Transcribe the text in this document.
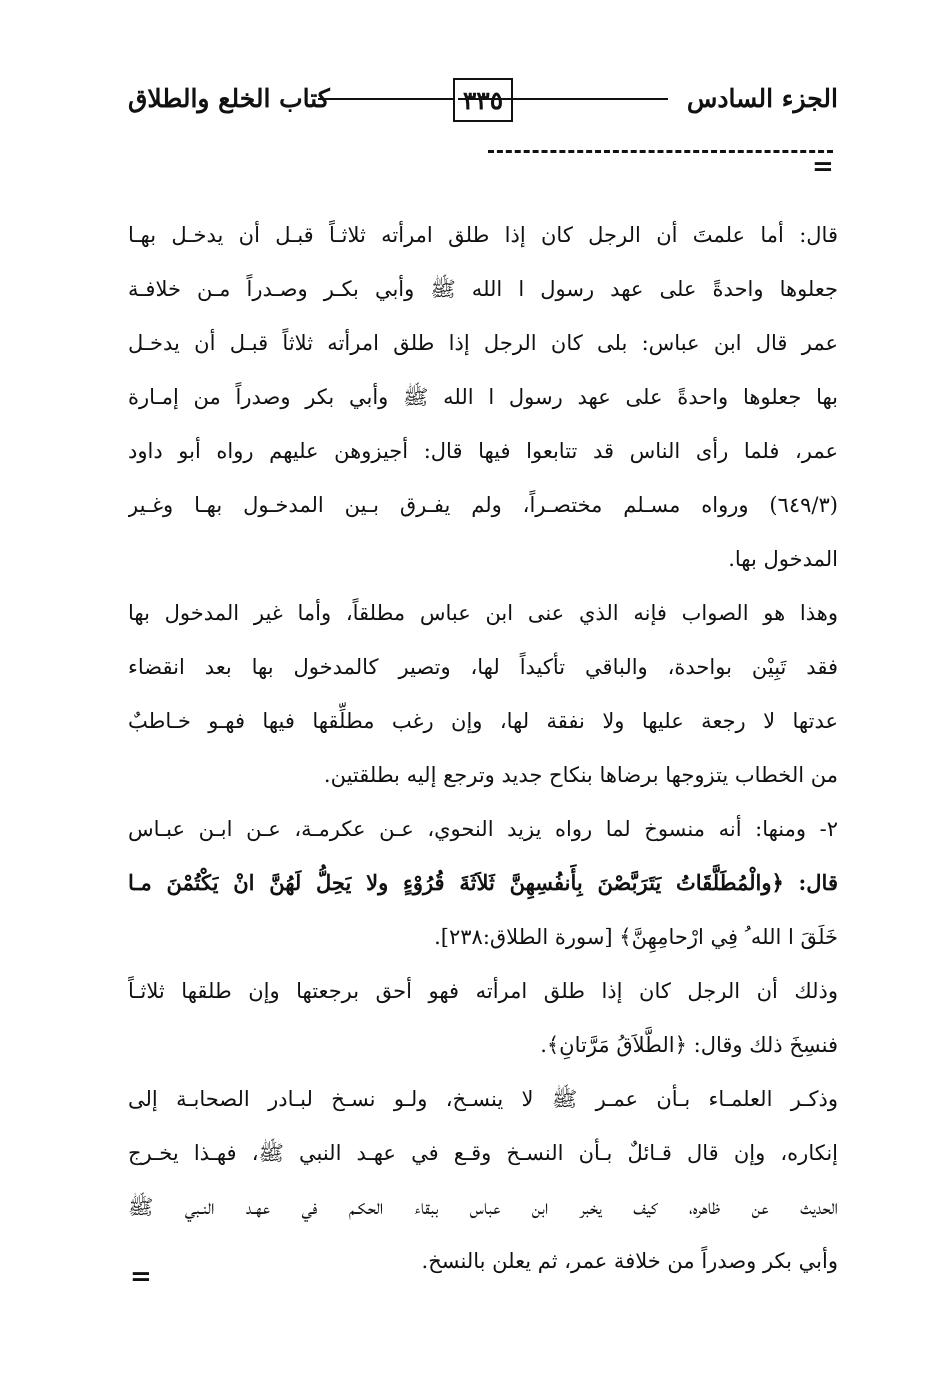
الجزء السادس
٣٣٥
كتاب الخلع والطلاق
=
قال: أما علمتَ أن الرجل كان إذا طلق امرأته ثلاثـاً قبـل أن يدخـل بهـا
جعلوها واحدةً على عهد رسول ا الله ﷺ وأبي بكـر وصـدراً مـن خلافـة
عمر قال ابن عباس: بلى كان الرجل إذا طلق امرأته ثلاثاً قبـل أن يدخـل
بها جعلوها واحدةً على عهد رسول ا الله ﷺ وأبي بكر وصدراً من إمـارة
عمر، فلما رأى الناس قد تتابعوا فيها قال: أجيزوهن عليهم رواه أبو داود
(٦٤٩/٣) ورواه مسـلم مختصـراً، ولم يفـرق بـين المدخـول بهـا وغـير
المدخول بها.
وهذا هو الصواب فإنه الذي عنى ابن عباس مطلقاً، وأما غير المدخول بها
فقد تَبِيْن بواحدة، والباقي تأكيداً لها، وتصير كالمدخول بها بعد انقضاء
عدتها لا رجعة عليها ولا نفقة لها، وإن رغب مطلِّقها فيها فهـو خـاطبٌ
من الخطاب يتزوجها برضاها بنكاح جديد وترجع إليه بطلقتين.
٢- ومنها: أنه منسوخ لما رواه يزيد النحوي، عـن عكرمـة، عـن ابـن عبـاس
قال: ﴿والْمُطَلَّقَاتُ يَتَرَبَّصْنَ بِأَنفُسِهِنَّ ثَلاَثَةَ قُرُوْءٍ ولا يَحِلُّ لَهُنَّ انْ يَكْتُمْنَ مـا
خَلَقَ ا الله ُ فِي ارْحامِهِنَّ﴾ [سورة الطلاق:٢٣٨].
وذلك أن الرجل كان إذا طلق امرأته فهو أحق برجعتها وإن طلقها ثلاثـاً
فنسِخَ ذلك وقال: ﴿الطَّلاَقُ مَرَّتانِ﴾.
وذكـر العلمـاء بـأن عمـر ﷺ لا ينسـخ، ولـو نسـخ لبـادر الصحابـة إلى
إنكاره، وإن قال قـائلٌ بـأن النسـخ وقـع في عهـد النبي ﷺ، فهـذا يخـرج
الحديث عن ظاهره، كيف يخبر ابن عباس ببقاء الحكـم في عهـد النـبي ﷺ
وأبي بكر وصدراً من خلافة عمر، ثم يعلن بالنسخ.
=
